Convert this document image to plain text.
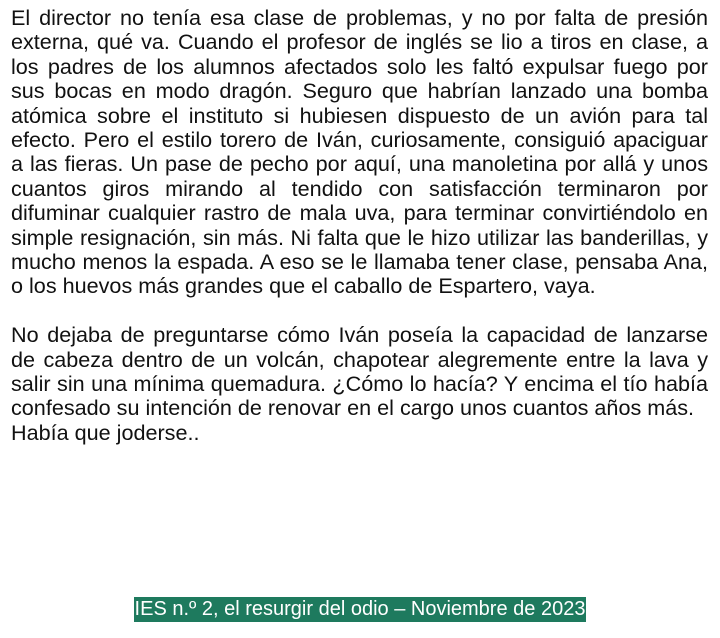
El director no tenía esa clase de problemas, y no por falta de presión externa, qué va. Cuando el profesor de inglés se lio a tiros en clase, a los padres de los alumnos afectados solo les faltó expulsar fuego por sus bocas en modo dragón. Seguro que habrían lanzado una bomba atómica sobre el instituto si hubiesen dispuesto de un avión para tal efecto. Pero el estilo torero de Iván, curiosamente, consiguió apaciguar a las fieras. Un pase de pecho por aquí, una manoletina por allá y unos cuantos giros mirando al tendido con satisfacción terminaron por difuminar cualquier rastro de mala uva, para terminar convirtiéndolo en simple resignación, sin más. Ni falta que le hizo utilizar las banderillas, y mucho menos la espada. A eso se le llamaba tener clase, pensaba Ana, o los huevos más grandes que el caballo de Espartero, vaya.

No dejaba de preguntarse cómo Iván poseía la capacidad de lanzarse de cabeza dentro de un volcán, chapotear alegremente entre la lava y salir sin una mínima quemadura. ¿Cómo lo hacía? Y encima el tío había confesado su intención de renovar en el cargo unos cuantos años más.

Había que joderse..

IES n.º 2, el resurgir del odio – Noviembre de 2023
